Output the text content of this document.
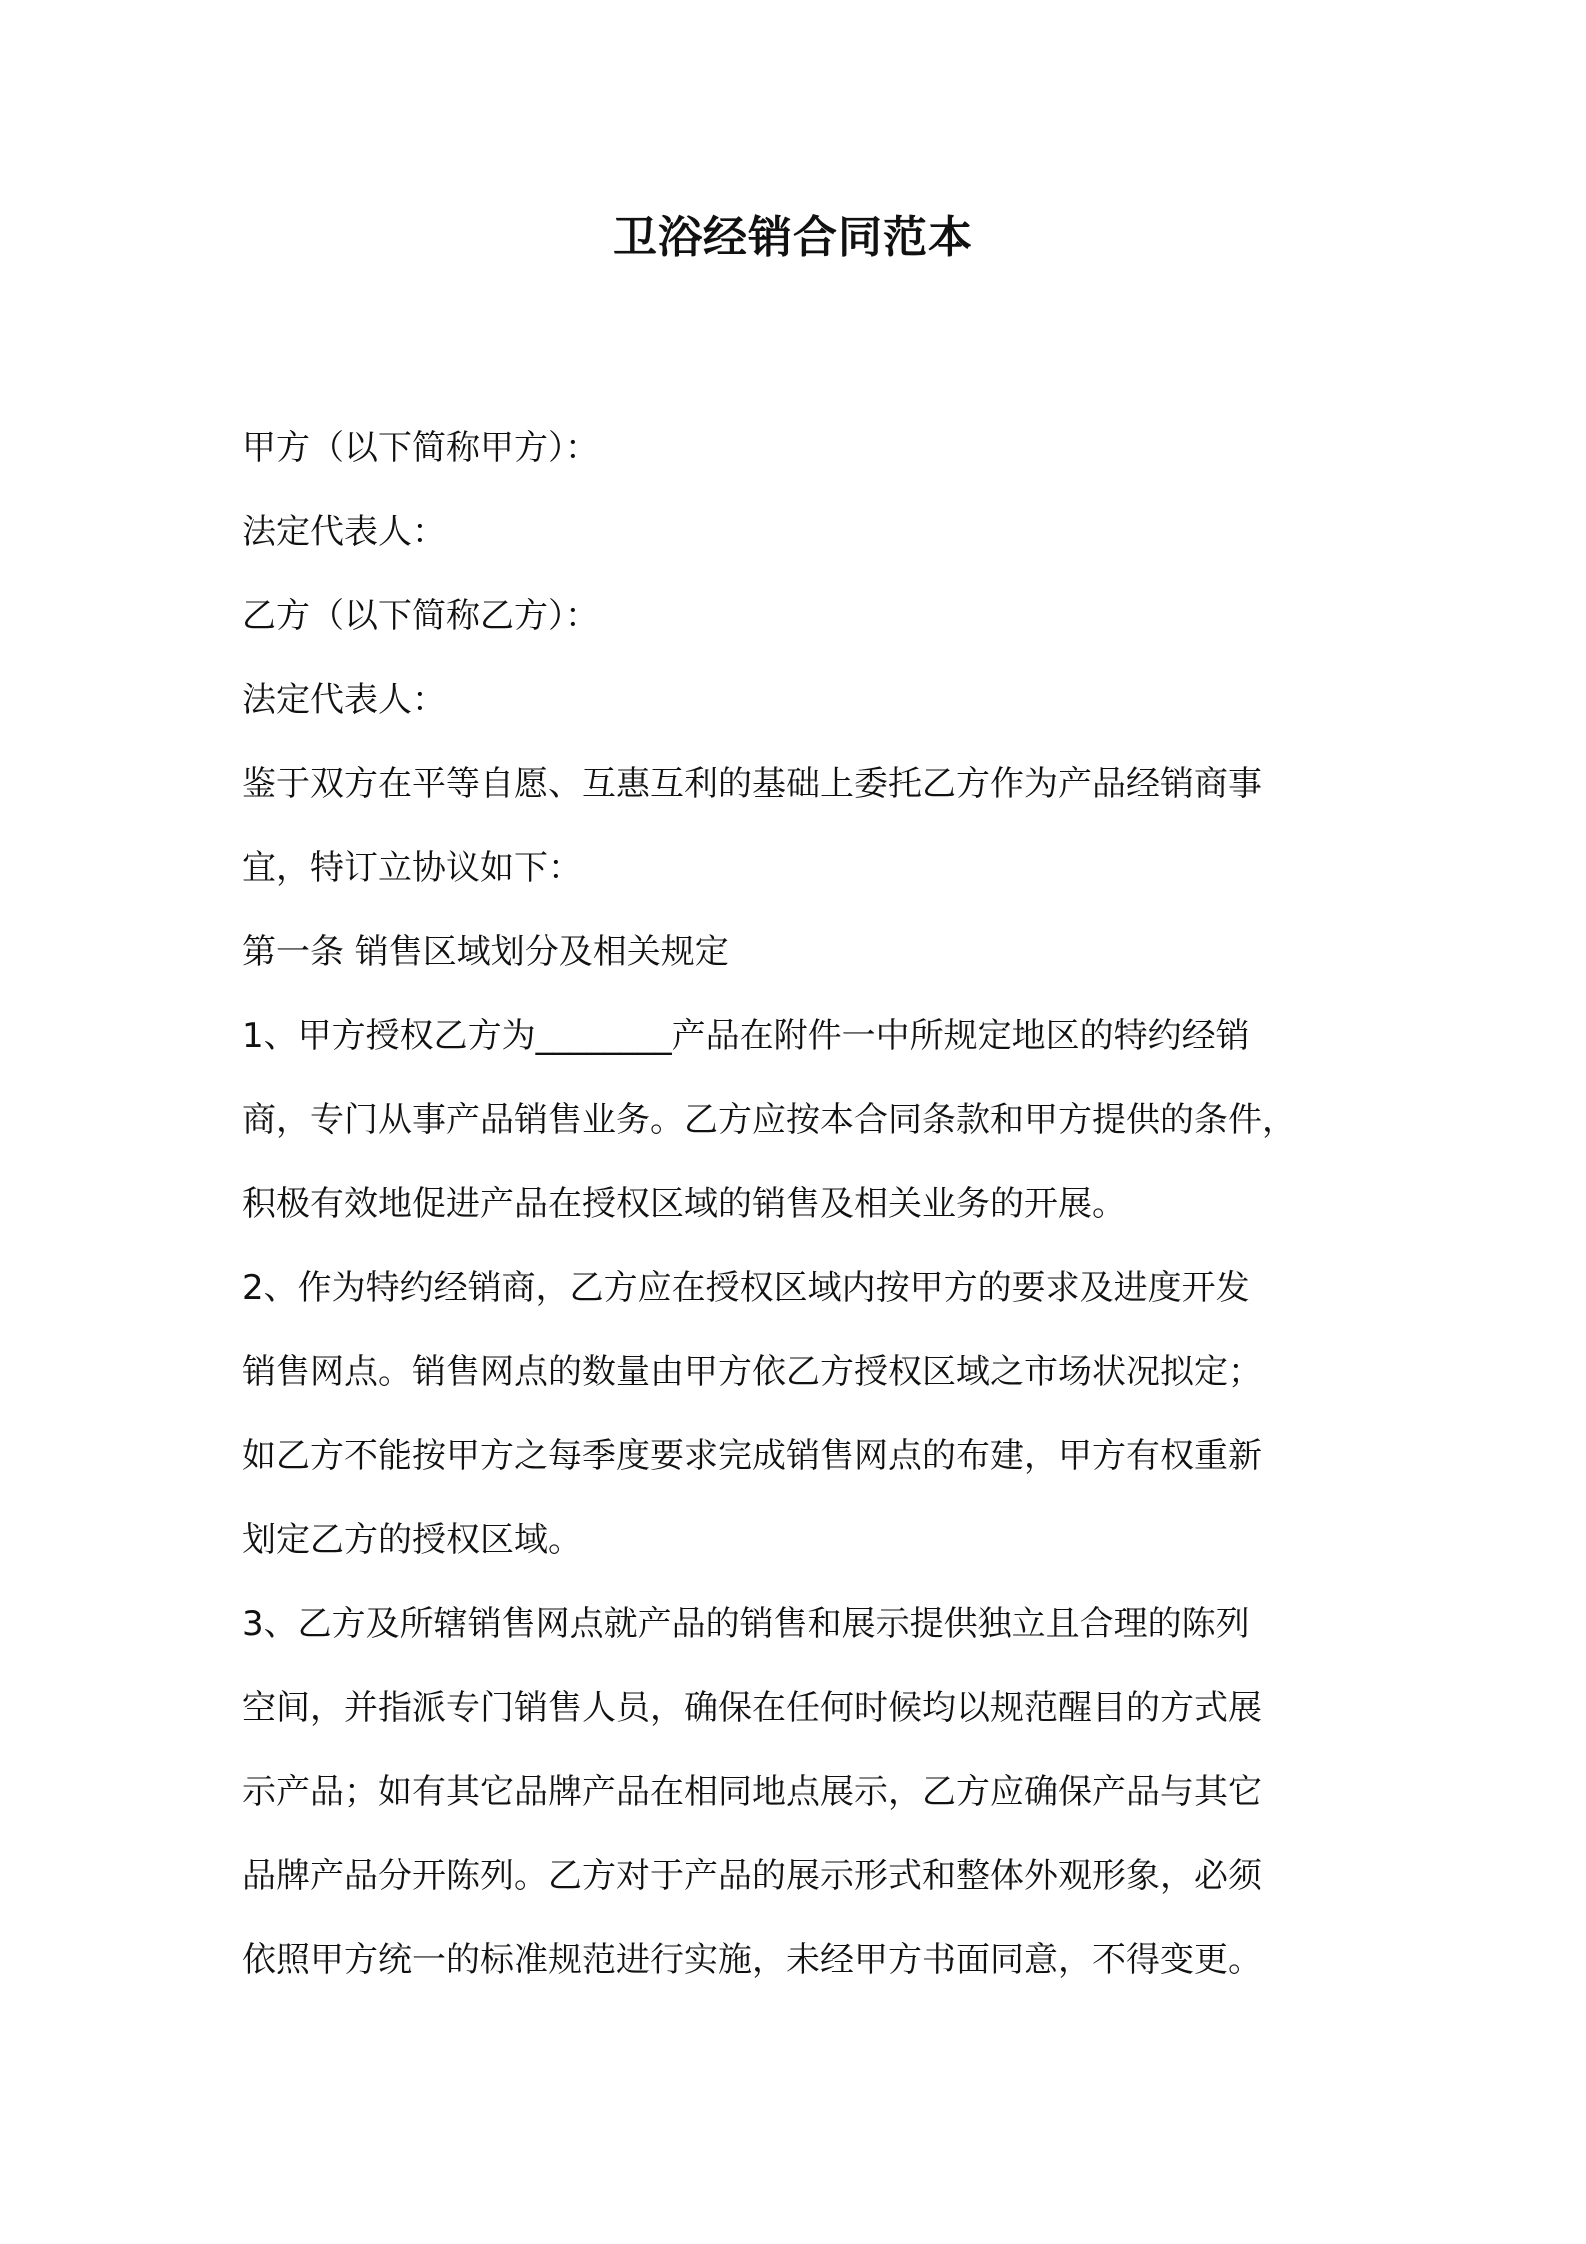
卫浴经销合同范本

甲方（以下简称甲方）：

法定代表人：

乙方（以下简称乙方）：

法定代表人：

鉴于双方在平等自愿、互惠互利的基础上委托乙方作为产品经销商事

宜，特订立协议如下：

第一条 销售区域划分及相关规定

1、甲方授权乙方为________产品在附件一中所规定地区的特约经销

商，专门从事产品销售业务。乙方应按本合同条款和甲方提供的条件，

积极有效地促进产品在授权区域的销售及相关业务的开展。

2、作为特约经销商，乙方应在授权区域内按甲方的要求及进度开发

销售网点。销售网点的数量由甲方依乙方授权区域之市场状况拟定；

如乙方不能按甲方之每季度要求完成销售网点的布建，甲方有权重新

划定乙方的授权区域。

3、乙方及所辖销售网点就产品的销售和展示提供独立且合理的陈列

空间，并指派专门销售人员，确保在任何时候均以规范醒目的方式展

示产品；如有其它品牌产品在相同地点展示，乙方应确保产品与其它

品牌产品分开陈列。乙方对于产品的展示形式和整体外观形象，必须

依照甲方统一的标准规范进行实施，未经甲方书面同意，不得变更。
